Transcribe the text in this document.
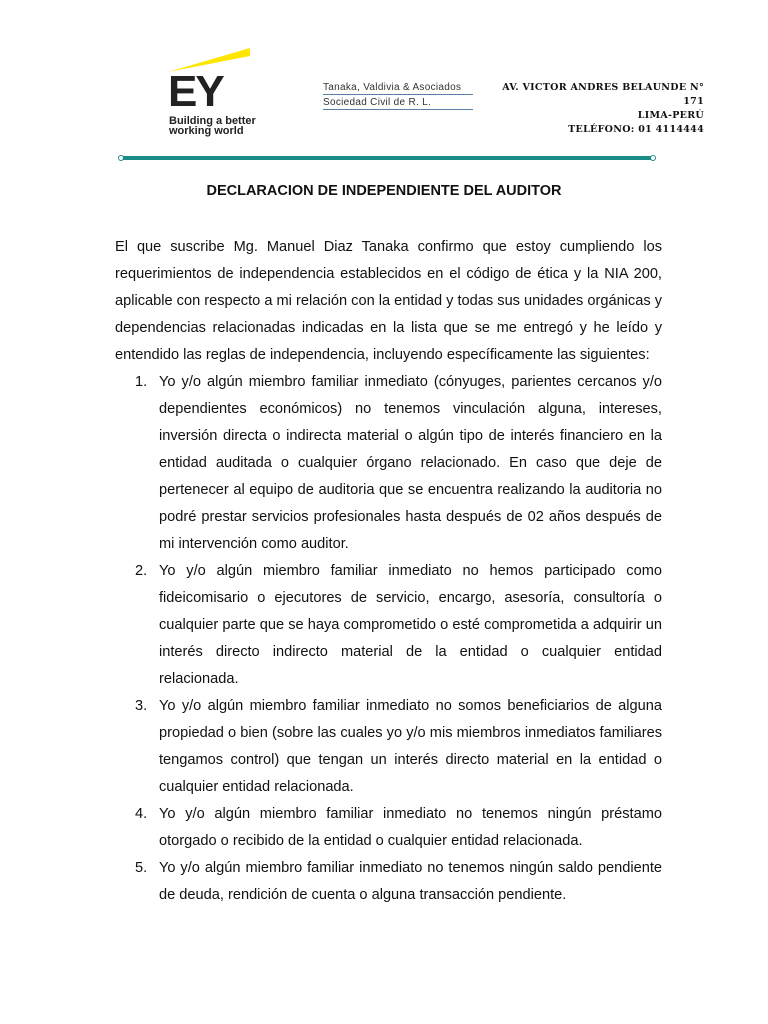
EY
Building a better
working world
Tanaka, Valdivia & Asociados
Sociedad Civil de R. L.
AV. VICTOR ANDRES BELAUNDE N°
171
LIMA-PERÚ
TELÉFONO: 01 4114444
DECLARACION DE INDEPENDIENTE DEL AUDITOR

El que suscribe Mg. Manuel Diaz Tanaka confirmo que estoy cumpliendo los requerimientos de independencia establecidos en el código de ética y la NIA 200, aplicable con respecto a mi relación con la entidad y todas sus unidades orgánicas y dependencias relacionadas indicadas en la lista que se me entregó y he leído y entendido las reglas de independencia, incluyendo específicamente las siguientes:

1. Yo y/o algún miembro familiar inmediato (cónyuges, parientes cercanos y/o dependientes económicos) no tenemos vinculación alguna, intereses, inversión directa o indirecta material o algún tipo de interés financiero en la entidad auditada o cualquier órgano relacionado. En caso que deje de pertenecer al equipo de auditoria que se encuentra realizando la auditoria no podré prestar servicios profesionales hasta después de 02 años después de mi intervención como auditor.
2. Yo y/o algún miembro familiar inmediato no hemos participado como fideicomisario o ejecutores de servicio, encargo, asesoría, consultoría o cualquier parte que se haya comprometido o esté comprometida a adquirir un interés directo indirecto material de la entidad o cualquier entidad relacionada.
3. Yo y/o algún miembro familiar inmediato no somos beneficiarios de alguna propiedad o bien (sobre las cuales yo y/o mis miembros inmediatos familiares tengamos control) que tengan un interés directo material en la entidad o cualquier entidad relacionada.
4. Yo y/o algún miembro familiar inmediato no tenemos ningún préstamo otorgado o recibido de la entidad o cualquier entidad relacionada.
5. Yo y/o algún miembro familiar inmediato no tenemos ningún saldo pendiente de deuda, rendición de cuenta o alguna transacción pendiente.
